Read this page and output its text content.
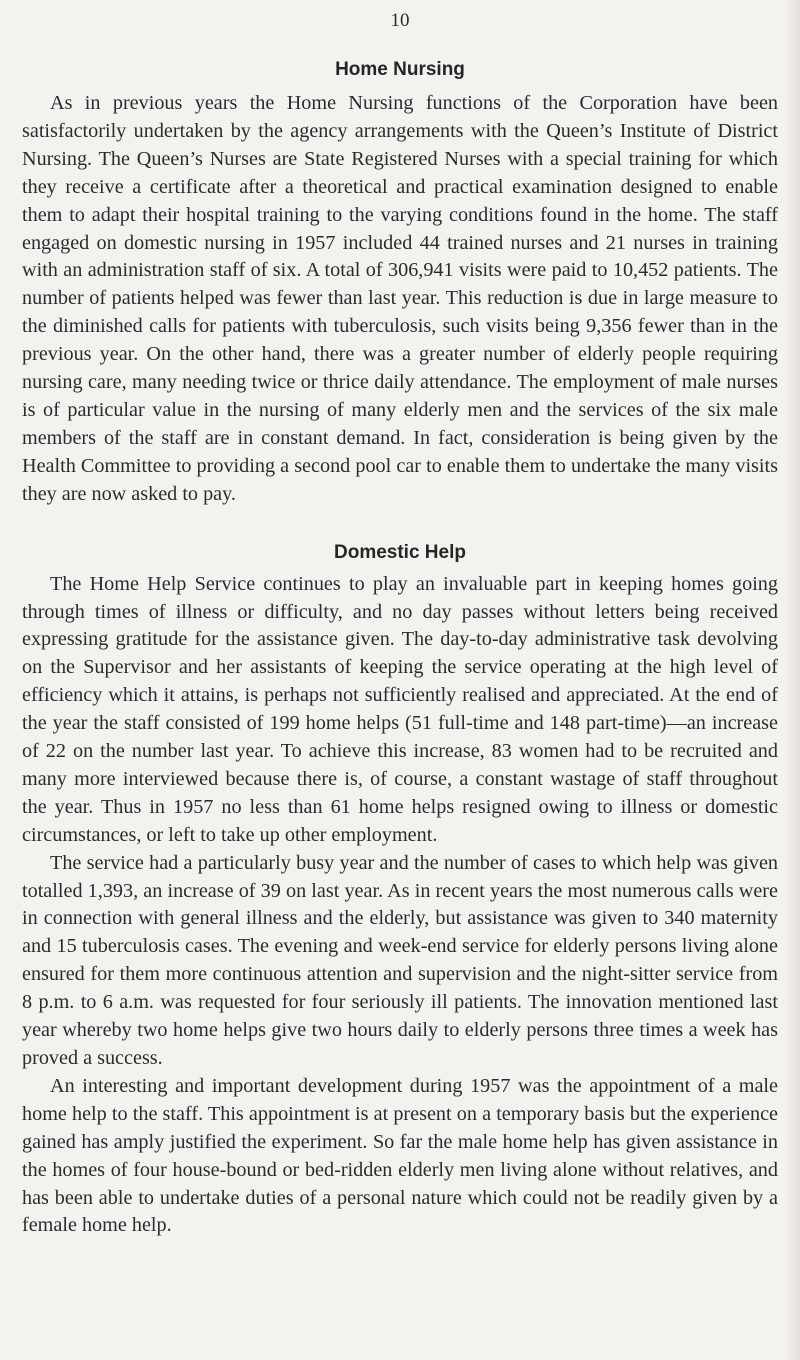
10
Home Nursing

As in previous years the Home Nursing functions of the Corporation have been satisfactorily undertaken by the agency arrangements with the Queen’s Institute of District Nursing. The Queen’s Nurses are State Registered Nurses with a special training for which they receive a certificate after a theoretical and practical examination designed to enable them to adapt their hospital training to the varying conditions found in the home. The staff engaged on domestic nursing in 1957 included 44 trained nurses and 21 nurses in training with an administration staff of six. A total of 306,941 visits were paid to 10,452 patients. The number of patients helped was fewer than last year. This reduction is due in large measure to the diminished calls for patients with tuberculosis, such visits being 9,356 fewer than in the previous year. On the other hand, there was a greater number of elderly people requiring nursing care, many needing twice or thrice daily attendance. The employment of male nurses is of particular value in the nursing of many elderly men and the services of the six male members of the staff are in constant demand. In fact, consideration is being given by the Health Committee to providing a second pool car to enable them to undertake the many visits they are now asked to pay.

Domestic Help

The Home Help Service continues to play an invaluable part in keeping homes going through times of illness or difficulty, and no day passes without letters being received expressing gratitude for the assistance given. The day-to-day administrative task devolving on the Supervisor and her assistants of keeping the service operating at the high level of efficiency which it attains, is perhaps not sufficiently realised and appreciated. At the end of the year the staff consisted of 199 home helps (51 full-time and 148 part-time)—an increase of 22 on the number last year. To achieve this increase, 83 women had to be recruited and many more interviewed because there is, of course, a constant wastage of staff throughout the year. Thus in 1957 no less than 61 home helps resigned owing to illness or domestic circumstances, or left to take up other employment.

The service had a particularly busy year and the number of cases to which help was given totalled 1,393, an increase of 39 on last year. As in recent years the most numerous calls were in connection with general illness and the elderly, but assistance was given to 340 maternity and 15 tuberculosis cases. The evening and week-end service for elderly persons living alone ensured for them more continuous attention and supervision and the night-sitter service from 8 p.m. to 6 a.m. was requested for four seriously ill patients. The innovation mentioned last year whereby two home helps give two hours daily to elderly persons three times a week has proved a success.

An interesting and important development during 1957 was the appointment of a male home help to the staff. This appointment is at present on a temporary basis but the experience gained has amply justified the experiment. So far the male home help has given assistance in the homes of four house-bound or bed-ridden elderly men living alone without relatives, and has been able to undertake duties of a personal nature which could not be readily given by a female home help.
